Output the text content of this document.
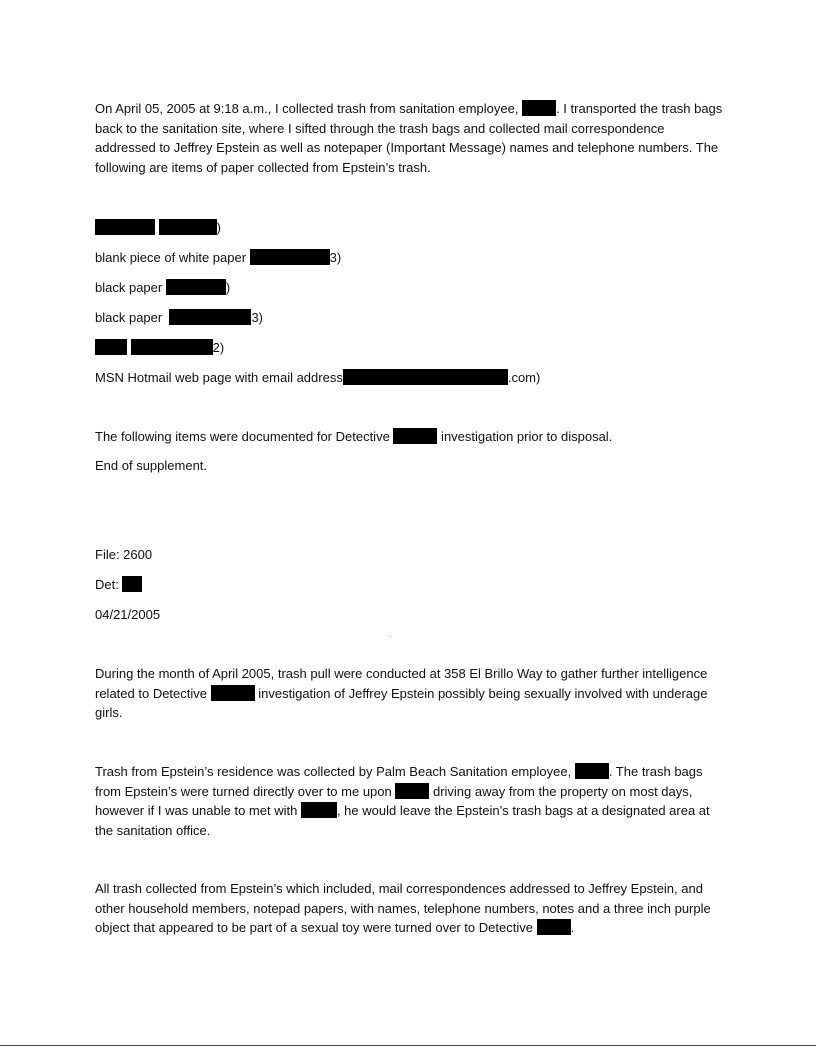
On April 05, 2005 at 9:18 a.m., I collected trash from sanitation employee,	. I transported the trash bags back to the sanitation site, where I sifted through the trash bags and collected mail correspondence addressed to Jeffrey Epstein as well as notepaper (Important Message) names and telephone numbers. The following are items of paper collected from Epstein’s trash.

)
blank piece of white paper	3)
black paper	)
black paper	3)
2)
MSN Hotmail web page with email address	.com)
The following items were documented for Detective	investigation prior to disposal.
End of supplement.
File: 2600
Det:
04/21/2005

During the month of April 2005, trash pull were conducted at 358 El Brillo Way to gather further intelligence related to Detective	investigation of Jeffrey Epstein possibly being sexually involved with underage girls.

Trash from Epstein’s residence was collected by Palm Beach Sanitation employee,	. The trash bags from Epstein’s were turned directly over to me upon	driving away from the property on most days, however if I was unable to met with	, he would leave the Epstein’s trash bags at a designated area at the sanitation office.

All trash collected from Epstein’s which included, mail correspondences addressed to Jeffrey Epstein, and other household members, notepad papers, with names, telephone numbers, notes and a three inch purple object that appeared to be part of a sexual toy were turned over to Detective	.
